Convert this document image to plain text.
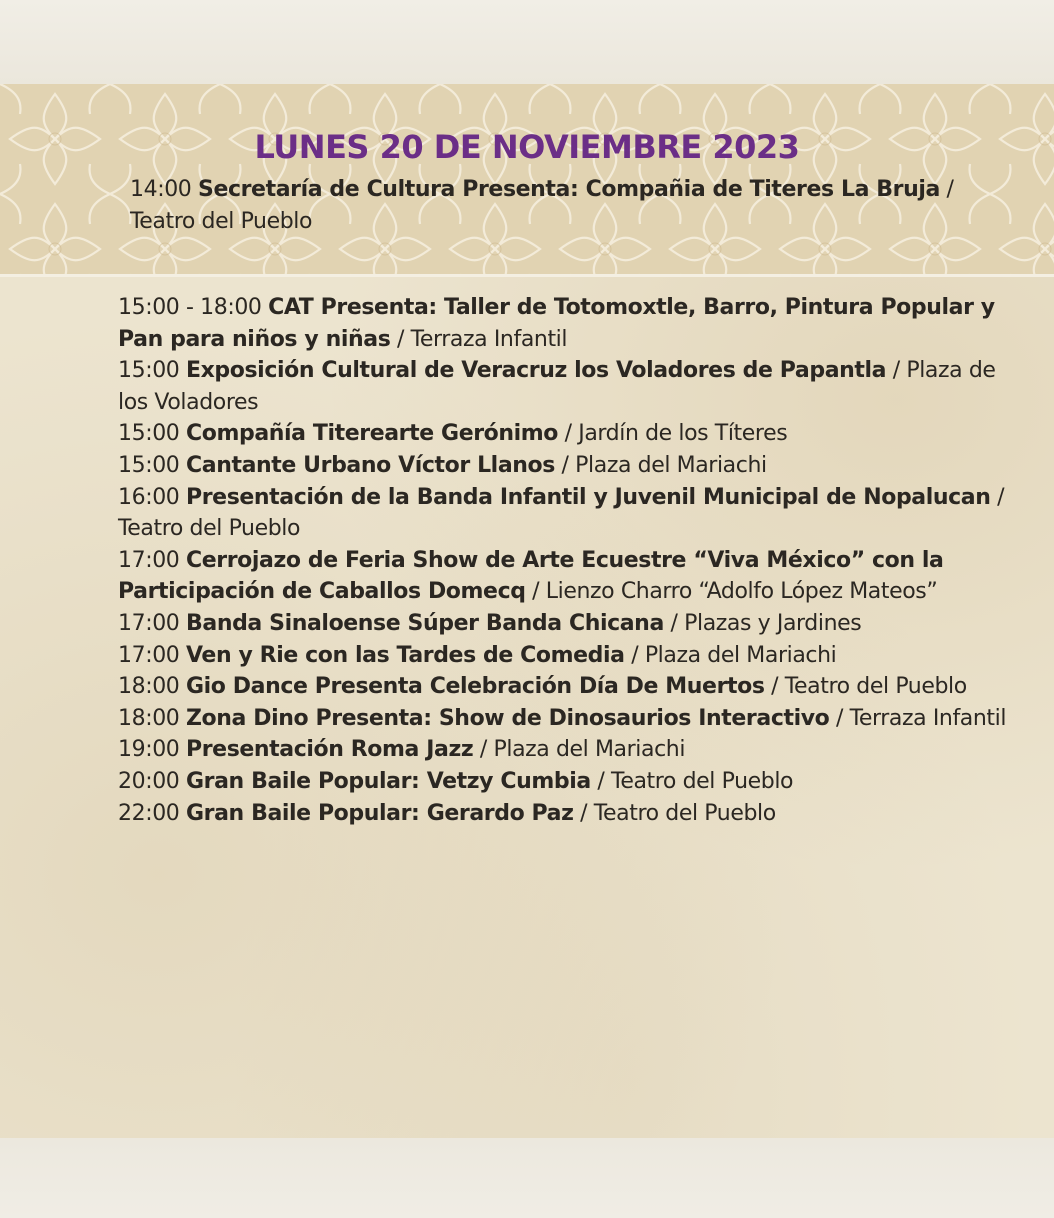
LUNES 20 DE NOVIEMBRE 2023
14:00 Secretaría de Cultura Presenta: Compañia de Titeres La Bruja / Teatro del Pueblo
15:00 - 18:00 CAT Presenta: Taller de Totomoxtle, Barro, Pintura Popular y Pan para niños y niñas / Terraza Infantil
15:00 Exposición Cultural de Veracruz los Voladores de Papantla / Plaza de los Voladores
15:00 Compañía Titerearte Gerónimo / Jardín de los Títeres
15:00 Cantante Urbano Víctor Llanos / Plaza del Mariachi
16:00 Presentación de la Banda Infantil y Juvenil Municipal de Nopalucan / Teatro del Pueblo
17:00 Cerrojazo de Feria Show de Arte Ecuestre “Viva México” con la Participación de Caballos Domecq / Lienzo Charro “Adolfo López Mateos”
17:00 Banda Sinaloense Súper Banda Chicana / Plazas y Jardines
17:00 Ven y Rie con las Tardes de Comedia / Plaza del Mariachi
18:00 Gio Dance Presenta Celebración Día De Muertos / Teatro del Pueblo
18:00 Zona Dino Presenta: Show de Dinosaurios Interactivo / Terraza Infantil
19:00 Presentación Roma Jazz / Plaza del Mariachi
20:00 Gran Baile Popular: Vetzy Cumbia / Teatro del Pueblo
22:00 Gran Baile Popular: Gerardo Paz / Teatro del Pueblo
